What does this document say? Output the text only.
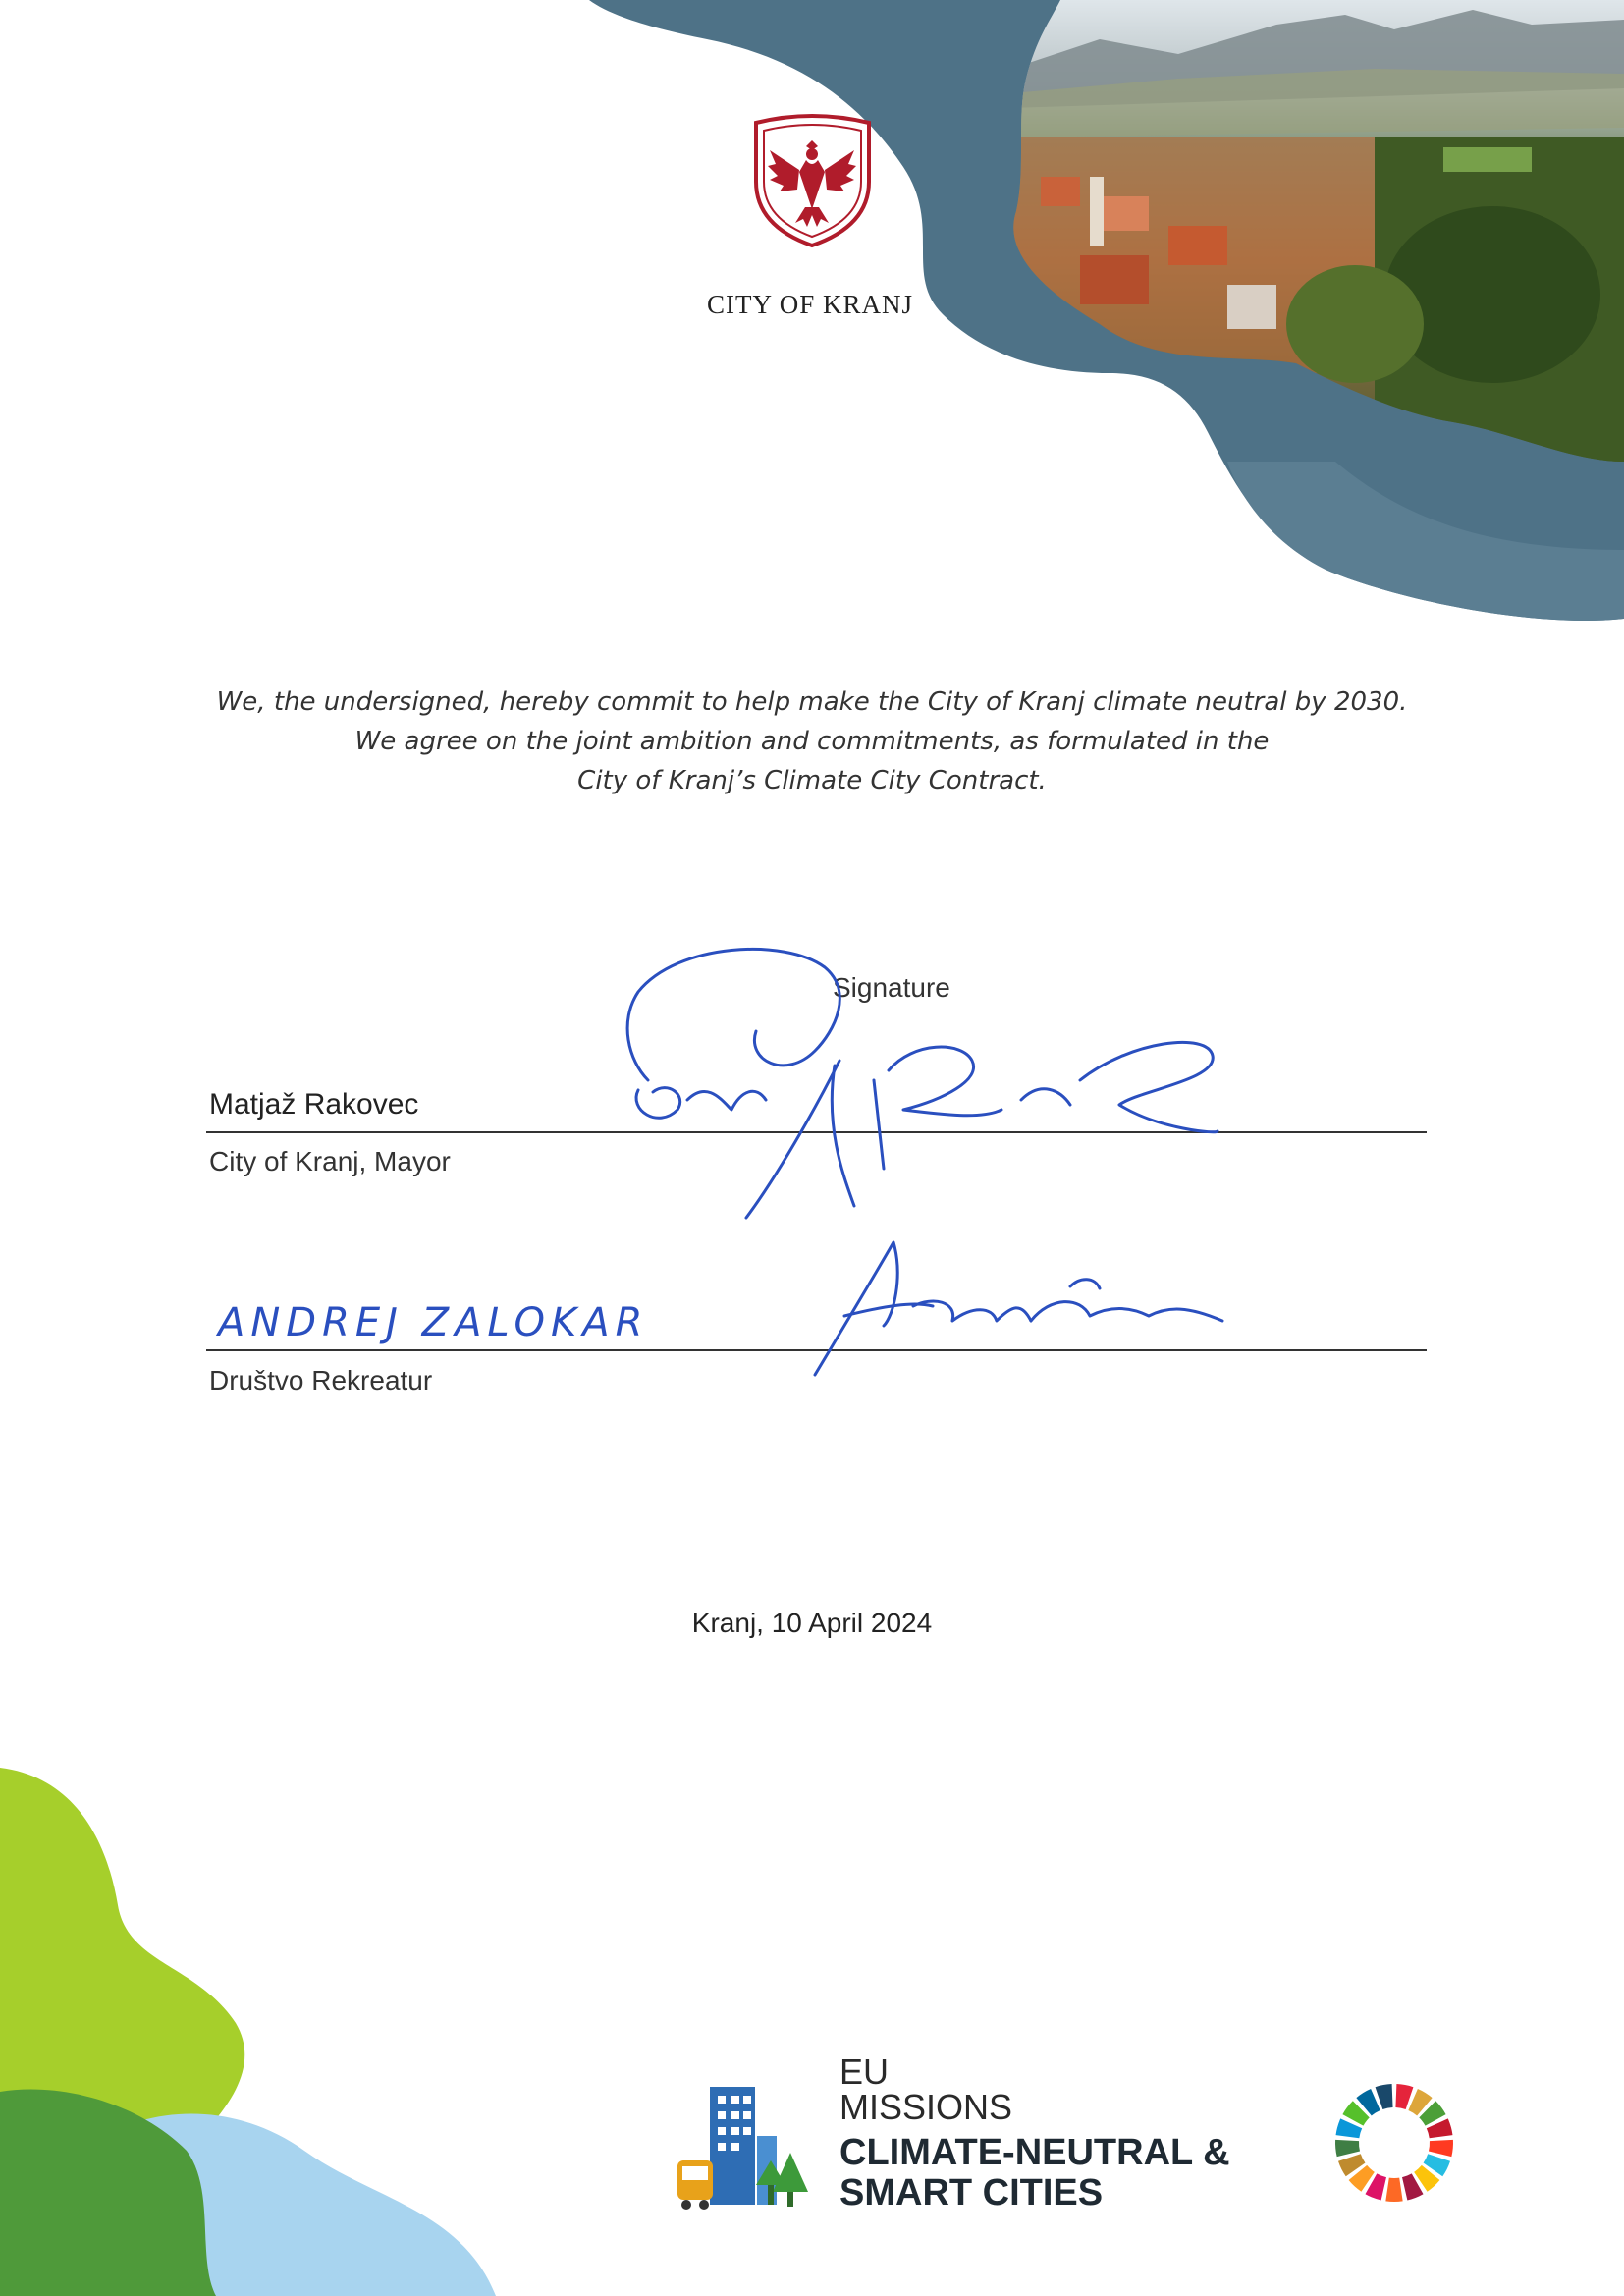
CITY OF KRANJ
We, the undersigned, hereby commit to help make the City of Kranj climate neutral by 2030.
We agree on the joint ambition and commitments, as formulated in the
City of Kranj’s Climate City Contract.
Signature
Matjaž Rakovec
City of Kranj, Mayor
ANDREJ ZALOKAR
Društvo Rekreatur
Kranj, 10 April 2024
EU
MISSIONS
CLIMATE-NEUTRAL &
SMART CITIES
